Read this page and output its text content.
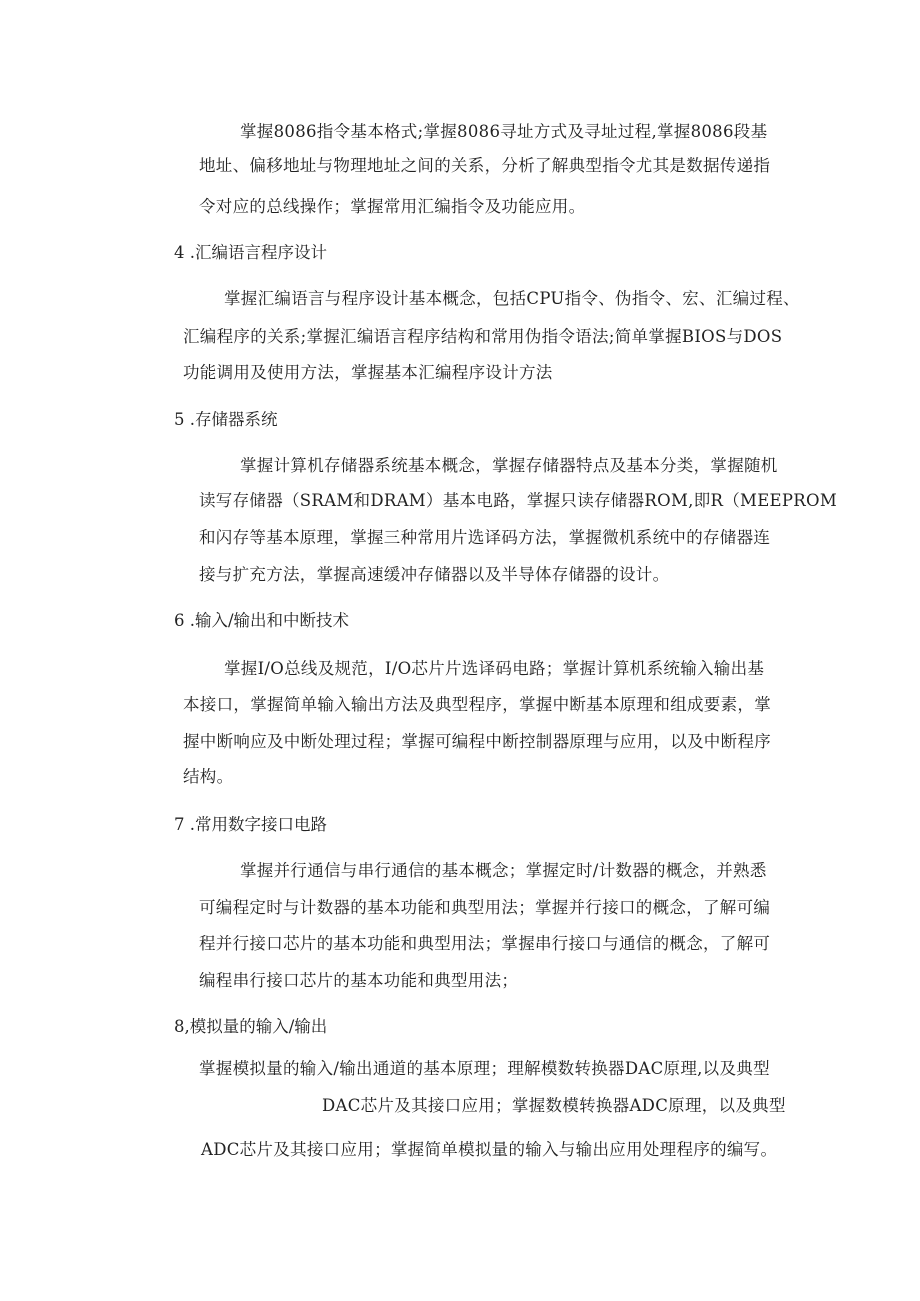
掌握8086指令基本格式;掌握8086寻址方式及寻址过程,掌握8086段基
地址、偏移地址与物理地址之间的关系，分析了解典型指令尤其是数据传递指
令对应的总线操作；掌握常用汇编指令及功能应用。
4 .汇编语言程序设计
掌握汇编语言与程序设计基本概念，包括CPU指令、伪指令、宏、汇编过程、
汇编程序的关系;掌握汇编语言程序结构和常用伪指令语法;简单掌握BIOS与DOS
功能调用及使用方法，掌握基本汇编程序设计方法
5 .存储器系统
掌握计算机存储器系统基本概念，掌握存储器特点及基本分类，掌握随机
读写存储器（SRAM和DRAM）基本电路，掌握只读存储器ROM,即R（MEEPROM
和闪存等基本原理，掌握三种常用片选译码方法，掌握微机系统中的存储器连
接与扩充方法，掌握高速缓冲存储器以及半导体存储器的设计。
6 .输入/输出和中断技术
掌握I/O总线及规范，I/O芯片片选译码电路；掌握计算机系统输入输出基
本接口，掌握简单输入输出方法及典型程序，掌握中断基本原理和组成要素，掌
握中断响应及中断处理过程；掌握可编程中断控制器原理与应用，以及中断程序
结构。
7 .常用数字接口电路
掌握并行通信与串行通信的基本概念；掌握定时/计数器的概念，并熟悉
可编程定时与计数器的基本功能和典型用法；掌握并行接口的概念，了解可编
程并行接口芯片的基本功能和典型用法；掌握串行接口与通信的概念，了解可
编程串行接口芯片的基本功能和典型用法；
8,模拟量的输入/输出
掌握模拟量的输入/输出通道的基本原理；理解模数转换器DAC原理,以及典型
DAC芯片及其接口应用；掌握数模转换器ADC原理，以及典型
ADC芯片及其接口应用；掌握简单模拟量的输入与输出应用处理程序的编写。
